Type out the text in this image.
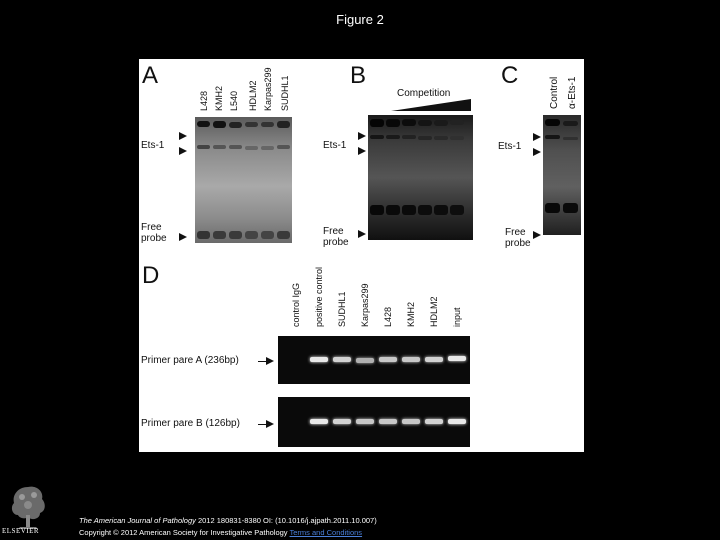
Figure 2
A
L428 KMH2 L540 HDLM2 Karpas299 SUDHL1
Ets-1
Free
probe
B
Competition
Ets-1
Free
probe
C
Control α-Ets-1
Ets-1
Free
probe
D
control IgG positive control SUDHL1 Karpas299 L428 KMH2 HDLM2 input
Primer pare A (236bp)
Primer pare B (126bp)
ELSEVIER
The American Journal of Pathology 2012 180831-8380 OI: (10.1016/j.ajpath.2011.10.007)
Copyright © 2012 American Society for Investigative Pathology Terms and Conditions
